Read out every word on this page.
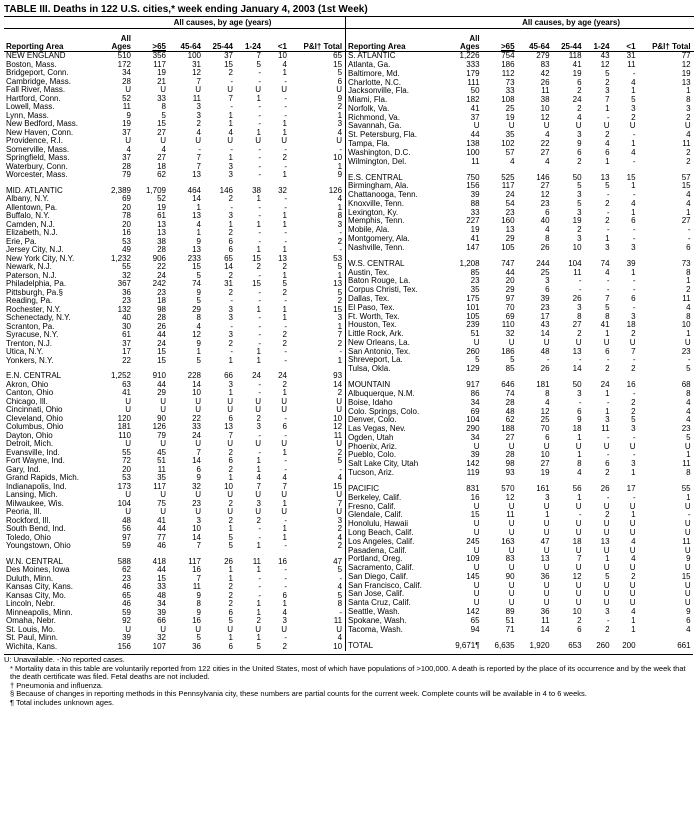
TABLE III. Deaths in 122 U.S. cities,* week ending January 4, 2003 (1st Week)
	All causes, by age (years)						
Reporting Area	All Ages	>65	45-64	25-44	1-24	<1	P&I† Total
NEW ENGLAND	510	356	100	37	7	10	65
Boston, Mass.	172	117	31	15	5	4	15
Bridgeport, Conn.	34	19	12	2	-	1	5
Cambridge, Mass.	28	21	7	-	-	-	6
Fall River, Mass.	U	U	U	U	U	U	U
Hartford, Conn.	52	33	11	7	1	-	9
Lowell, Mass.	11	8	3	-	-	-	2
Lynn, Mass.	9	5	3	1	-	-	1
New Bedford, Mass.	19	15	2	1	-	1	3
New Haven, Conn.	37	27	4	4	1	1	4
Providence, R.I.	U	U	U	U	U	U	U
Somerville, Mass.	4	4	-	-	-	-	-
Springfield, Mass.	37	27	7	1	-	2	10
Waterbury, Conn.	28	18	7	3	-	-	1
Worcester, Mass.	79	62	13	3	-	1	9

MID. ATLANTIC	2,389	1,709	464	146	38	32	126
Albany, N.Y.	69	52	14	2	1	-	4
Allentown, Pa.	20	19	1	-	-	-	1
Buffalo, N.Y.	78	61	13	3	-	1	8
Camden, N.J.	20	13	4	1	1	1	3
Elizabeth, N.J.	16	13	1	2	-	-	-
Erie, Pa.	53	38	9	6	-	-	2
Jersey City, N.J.	49	28	13	6	1	1	-
New York City, N.Y.	1,232	906	233	65	15	13	53
Newark, N.J.	55	22	15	14	2	2	5
Paterson, N.J.	32	24	5	2	-	1	1
Philadelphia, Pa.	367	242	74	31	15	5	13
Pittsburgh, Pa.§	36	23	9	2	-	2	5
Reading, Pa.	23	18	5	-	-	-	2
Rochester, N.Y.	132	98	29	3	1	1	15
Schenectady, N.Y.	40	28	8	3	-	1	3
Scranton, Pa.	30	26	4	-	-	-	1
Syracuse, N.Y.	61	44	12	3	-	2	7
Trenton, N.J.	37	24	9	2	-	2	2
Utica, N.Y.	17	15	1	-	1	-	-
Yonkers, N.Y.	22	15	5	1	1	-	1

E.N. CENTRAL	1,252	910	228	66	24	24	93
Akron, Ohio	63	44	14	3	-	2	14
Canton, Ohio	41	29	10	1	-	1	2
Chicago, Ill.	U	U	U	U	U	U	U
Cincinnati, Ohio	U	U	U	U	U	U	U
Cleveland, Ohio	120	90	22	6	2	-	10
Columbus, Ohio	181	126	33	13	3	6	12
Dayton, Ohio	110	79	24	7	-	-	11
Detroit, Mich.	U	U	U	U	U	U	U
Evansville, Ind.	55	45	7	2	-	1	2
Fort Wayne, Ind.	72	51	14	6	1	-	5
Gary, Ind.	20	11	6	2	1	-	-
Grand Rapids, Mich.	53	35	9	1	4	4	4
Indianapolis, Ind.	173	117	32	10	7	7	15
Lansing, Mich.	U	U	U	U	U	U	U
Milwaukee, Wis.	104	75	23	2	3	1	7
Peoria, Ill.	U	U	U	U	U	U	U
Rockford, Ill.	48	41	3	2	2	-	3
South Bend, Ind.	56	44	10	1	-	1	2
Toledo, Ohio	97	77	14	5	-	1	4
Youngstown, Ohio	59	46	7	5	1	-	2

W.N. CENTRAL	588	418	117	26	11	16	47
Des Moines, Iowa	62	44	16	1	1	-	5
Duluth, Minn.	23	15	7	1	-	-	-
Kansas City, Kans.	46	33	11	2	-	-	4
Kansas City, Mo.	65	48	9	2	-	6	5
Lincoln, Nebr.	46	34	8	2	1	1	8
Minneapolis, Minn.	59	39	9	6	1	4	-
Omaha, Nebr.	92	66	16	5	2	3	11
St. Louis, Mo.	U	U	U	U	U	U	U
St. Paul, Minn.	39	32	5	1	1	-	4
Wichita, Kans.	156	107	36	6	5	2	10
	All causes, by age (years)						
Reporting Area	All Ages	>65	45-64	25-44	1-24	<1	P&I† Total
S. ATLANTIC	1,226	754	279	118	43	31	77
Atlanta, Ga.	333	186	83	41	12	11	12
Baltimore, Md.	179	112	42	19	5	-	19
Charlotte, N.C.	111	73	26	6	2	4	13
Jacksonville, Fla.	50	33	11	2	3	1	1
Miami, Fla.	182	108	38	24	7	5	8
Norfolk, Va.	41	25	10	2	1	3	3
Richmond, Va.	37	19	12	4	-	2	2
Savannah, Ga.	U	U	U	U	U	U	U
St. Petersburg, Fla.	44	35	4	3	2	-	4
Tampa, Fla.	138	102	22	9	4	1	11
Washington, D.C.	100	57	27	6	6	4	2
Wilmington, Del.	11	4	4	2	1	-	2

E.S. CENTRAL	750	525	146	50	13	15	57
Birmingham, Ala.	156	117	27	5	5	1	15
Chattanooga, Tenn.	39	24	12	3	-	-	4
Knoxville, Tenn.	88	54	23	5	2	4	4
Lexington, Ky.	33	23	6	3	-	1	1
Memphis, Tenn.	227	160	40	19	2	6	27
Mobile, Ala.	19	13	4	2	-	-	-
Montgomery, Ala.	41	29	8	3	1	-	-
Nashville, Tenn.	147	105	26	10	3	3	6

W.S. CENTRAL	1,208	747	244	104	74	39	73
Austin, Tex.	85	44	25	11	4	1	8
Baton Rouge, La.	23	20	3	-	-	-	1
Corpus Christi, Tex.	35	29	6	-	-	-	2
Dallas, Tex.	175	97	39	26	7	6	11
El Paso, Tex.	101	70	23	3	5	-	4
Ft. Worth, Tex.	105	69	17	8	8	3	8
Houston, Tex.	239	110	43	27	41	18	10
Little Rock, Ark.	51	32	14	2	1	2	1
New Orleans, La.	U	U	U	U	U	U	U
San Antonio, Tex.	260	186	48	13	6	7	23
Shreveport, La.	5	5	-	-	-	-	-
Tulsa, Okla.	129	85	26	14	2	2	5

MOUNTAIN	917	646	181	50	24	16	68
Albuquerque, N.M.	86	74	8	3	1	-	8
Boise, Idaho	34	28	4	-	-	2	4
Colo. Springs, Colo.	69	48	12	6	1	2	4
Denver, Colo.	104	62	25	9	3	5	4
Las Vegas, Nev.	290	188	70	18	11	3	23
Ogden, Utah	34	27	6	1	-	-	5
Phoenix, Ariz.	U	U	U	U	U	U	U
Pueblo, Colo.	39	28	10	1	-	-	1
Salt Lake City, Utah	142	98	27	8	6	3	11
Tucson, Ariz.	119	93	19	4	2	1	8

PACIFIC	831	570	161	56	26	17	55
Berkeley, Calif.	16	12	3	1	-	-	1
Fresno, Calif.	U	U	U	U	U	U	U
Glendale, Calif.	15	11	1	-	2	1	-
Honolulu, Hawaii	U	U	U	U	U	U	U
Long Beach, Calif.	U	U	U	U	U	U	U
Los Angeles, Calif.	245	163	47	18	13	4	11
Pasadena, Calif.	U	U	U	U	U	U	U
Portland, Oreg.	109	83	13	7	1	4	9
Sacramento, Calif.	U	U	U	U	U	U	U
San Diego, Calif.	145	90	36	12	5	2	15
San Francisco, Calif.	U	U	U	U	U	U	U
San Jose, Calif.	U	U	U	U	U	U	U
Santa Cruz, Calif.	U	U	U	U	U	U	U
Seattle, Wash.	142	89	36	10	3	4	9
Spokane, Wash.	65	51	11	2	-	1	6
Tacoma, Wash.	94	71	14	6	2	1	4

TOTAL	9,671¶	6,635	1,920	653	260	200	661
U: Unavailable. -:No reported cases.
* Mortality data in this table are voluntarily reported from 122 cities in the United States, most of which have populations of >100,000. A death is reported by the place of its occurrence and by the week that the death certificate was filed. Fetal deaths are not included.
† Pneumonia and influenza.
§ Because of changes in reporting methods in this Pennsylvania city, these numbers are partial counts for the current week. Complete counts will be available in 4 to 6 weeks.
¶ Total includes unknown ages.
